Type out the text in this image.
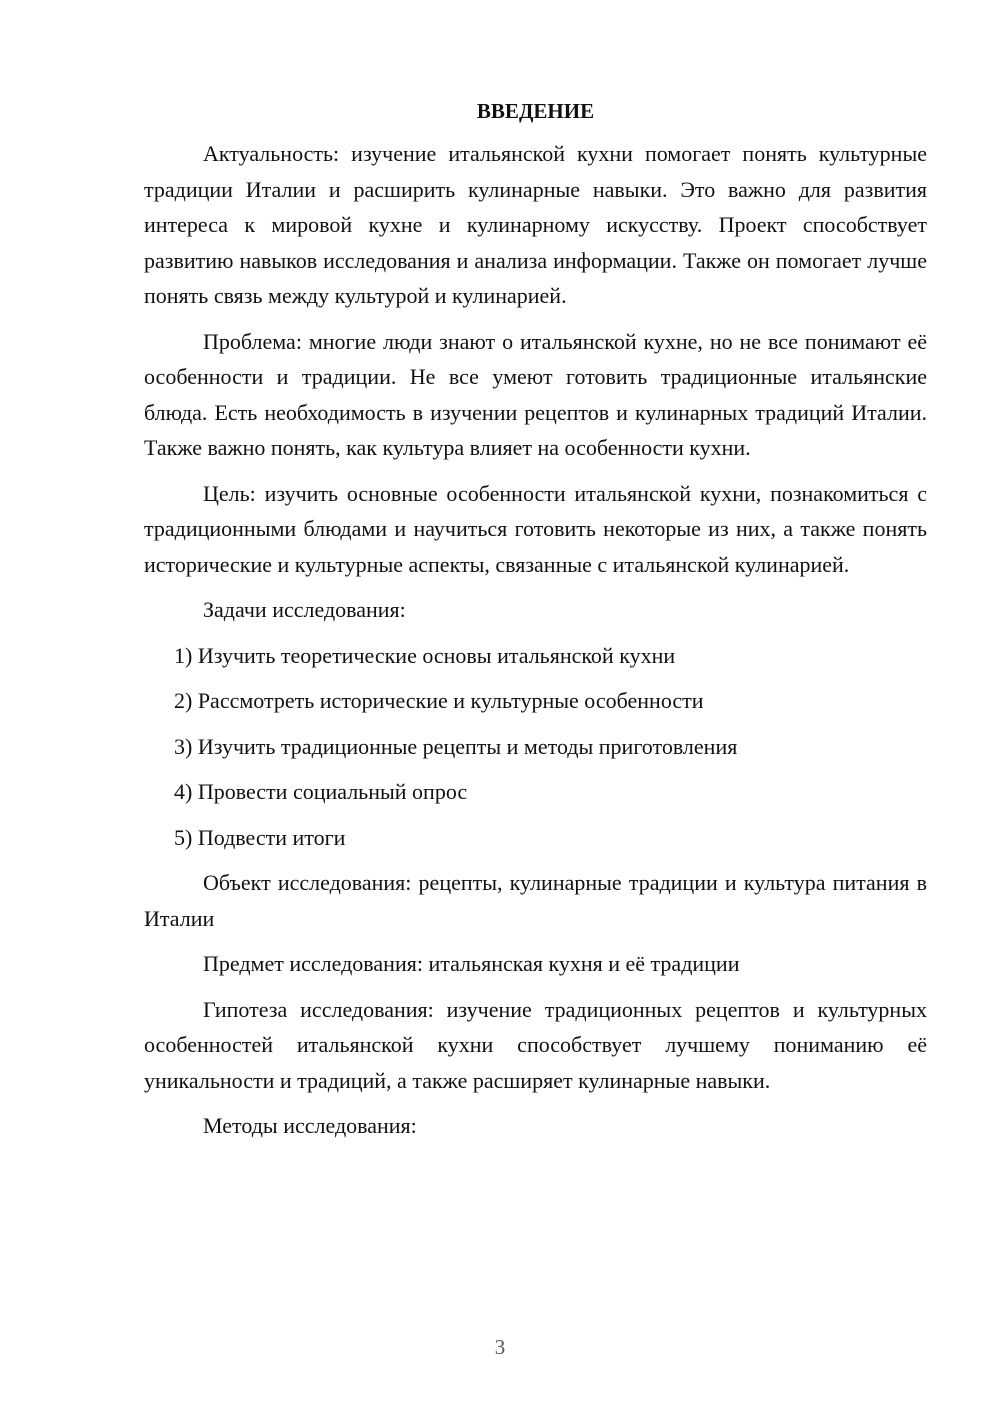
ВВЕДЕНИЕ

Актуальность: изучение итальянской кухни помогает понять культурные традиции Италии и расширить кулинарные навыки. Это важно для развития интереса к мировой кухне и кулинарному искусству. Проект способствует развитию навыков исследования и анализа информации. Также он помогает лучше понять связь между культурой и кулинарией.

Проблема: многие люди знают о итальянской кухне, но не все понимают её особенности и традиции. Не все умеют готовить традиционные итальянские блюда. Есть необходимость в изучении рецептов и кулинарных традиций Италии. Также важно понять, как культура влияет на особенности кухни.

Цель: изучить основные особенности итальянской кухни, познакомиться с традиционными блюдами и научиться готовить некоторые из них, а также понять исторические и культурные аспекты, связанные с итальянской кулинарией.

Задачи исследования:

1) Изучить теоретические основы итальянской кухни
2) Рассмотреть исторические и культурные особенности
3) Изучить традиционные рецепты и методы приготовления
4) Провести социальный опрос
5) Подвести итоги

Объект исследования: рецепты, кулинарные традиции и культура питания в Италии

Предмет исследования: итальянская кухня и её традиции

Гипотеза исследования: изучение традиционных рецептов и культурных особенностей итальянской кухни способствует лучшему пониманию её уникальности и традиций, а также расширяет кулинарные навыки.

Методы исследования:

3
